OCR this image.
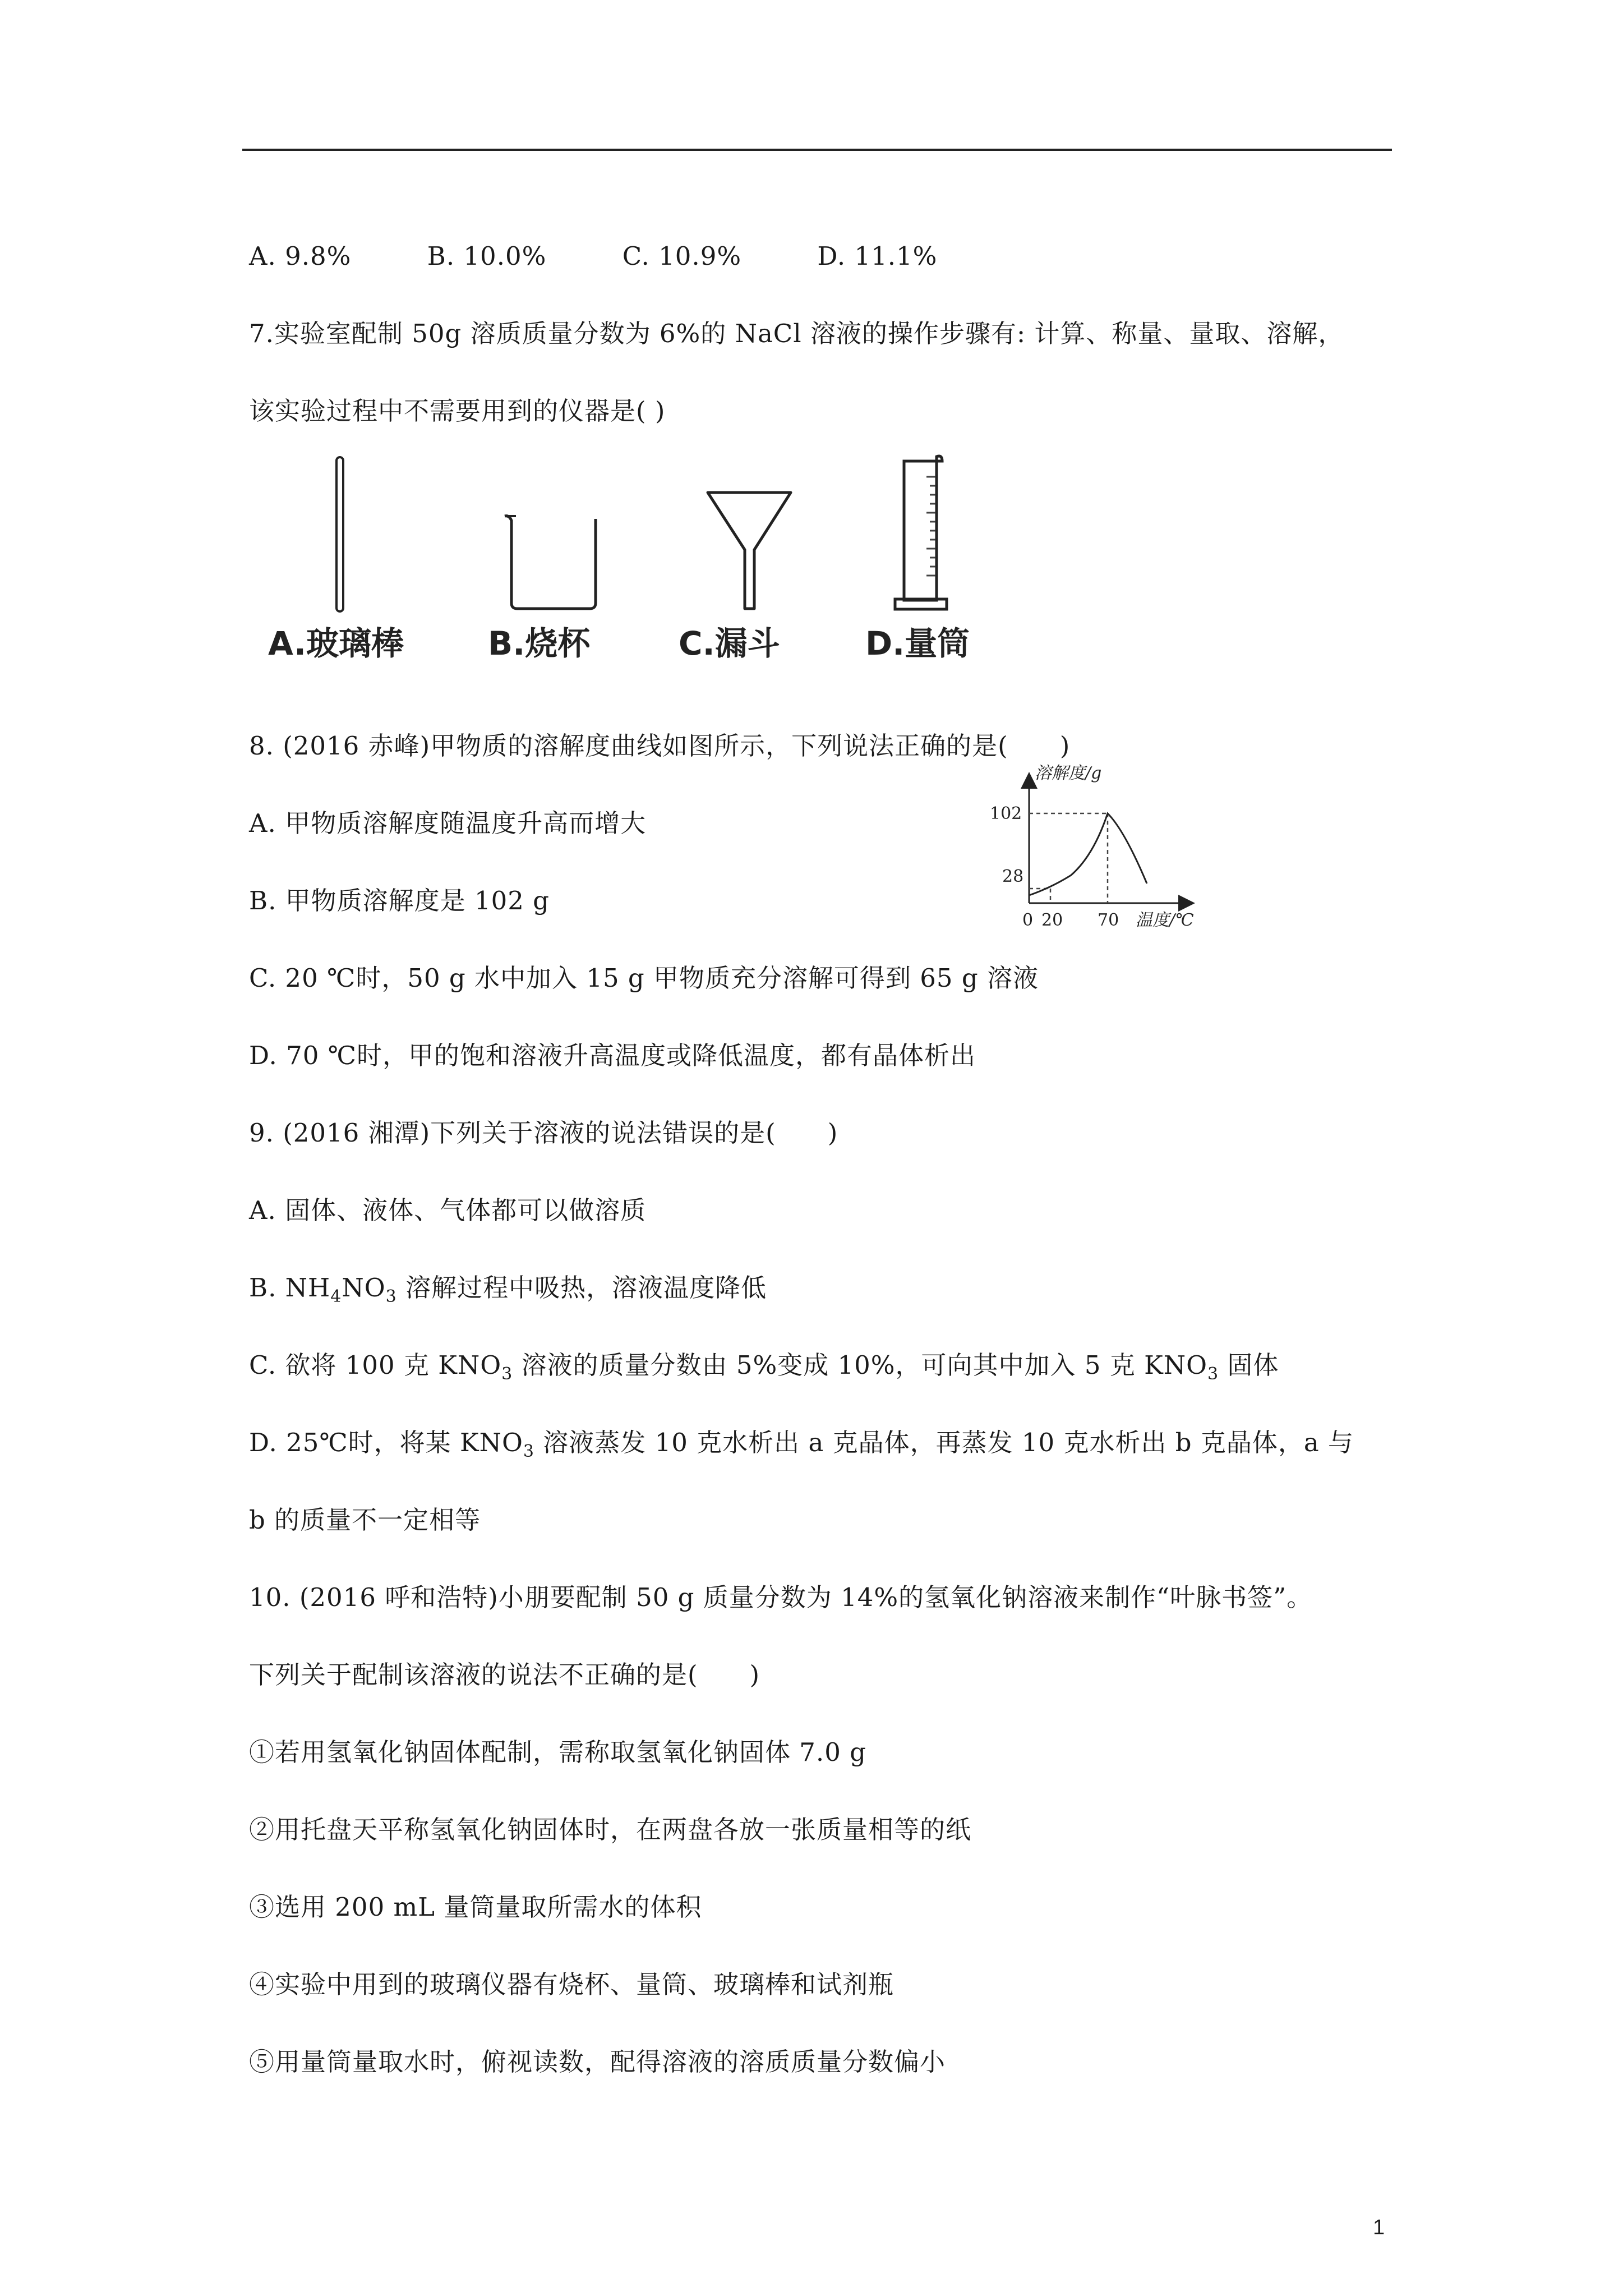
A. 9.8%	B. 10.0%	C. 10.9%	D. 11.1%
7.实验室配制 50g 溶质质量分数为 6%的 NaCl 溶液的操作步骤有: 计算、称量、量取、溶解，
该实验过程中不需要用到的仪器是( )
A.玻璃棒	B.烧杯	C.漏斗	D.量筒
8. (2016 赤峰)甲物质的溶解度曲线如图所示，下列说法正确的是(　　)
A. 甲物质溶解度随温度升高而增大
B. 甲物质溶解度是 102 g
C. 20 ℃时，50 g 水中加入 15 g 甲物质充分溶解可得到 65 g 溶液
D. 70 ℃时，甲的饱和溶液升高温度或降低温度，都有晶体析出
溶解度/g
102
28
0 20 70 温度/℃
9. (2016 湘潭)下列关于溶液的说法错误的是(　　)
A. 固体、液体、气体都可以做溶质
B. $NH_4NO_3$ 溶解过程中吸热，溶液温度降低
C. 欲将 100 克 $KNO_3$ 溶液的质量分数由 5%变成 10%，可向其中加入 5 克 $KNO_3$ 固体
D. 25℃时，将某 $KNO_3$ 溶液蒸发 10 克水析出 a 克晶体，再蒸发 10 克水析出 b 克晶体，a 与
b 的质量不一定相等
10. (2016 呼和浩特)小朋要配制 50 g 质量分数为 14%的氢氧化钠溶液来制作“叶脉书签”。
下列关于配制该溶液的说法不正确的是(　　)
①若用氢氧化钠固体配制，需称取氢氧化钠固体 7.0 g
②用托盘天平称氢氧化钠固体时，在两盘各放一张质量相等的纸
③选用 200 mL 量筒量取所需水的体积
④实验中用到的玻璃仪器有烧杯、量筒、玻璃棒和试剂瓶
⑤用量筒量取水时，俯视读数，配得溶液的溶质质量分数偏小
1
